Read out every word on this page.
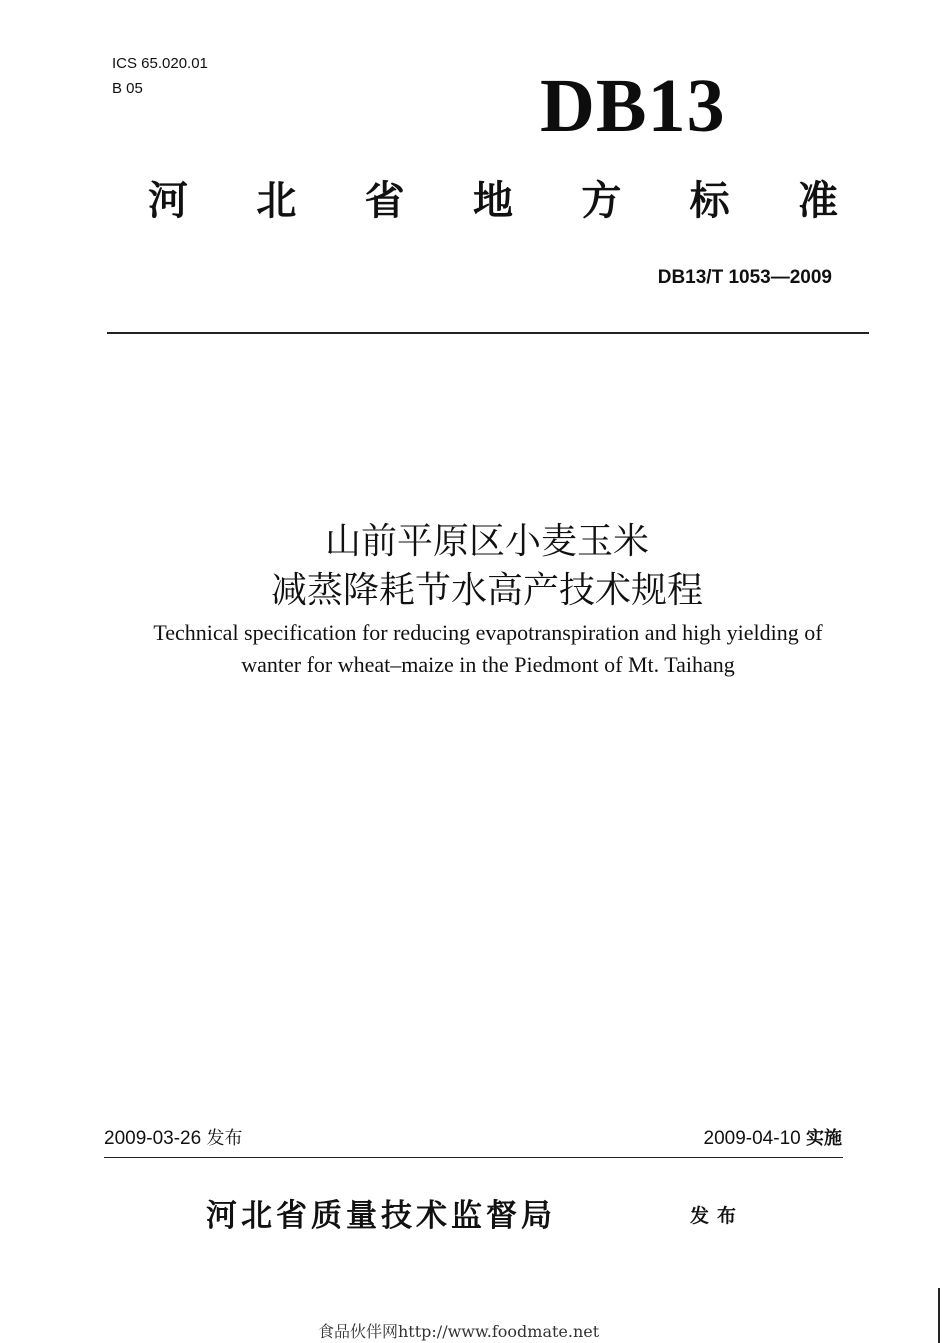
ICS 65.020.01
B 05	DB13
河 北 省 地 方 标 准
DB13/T 1053—2009
山前平原区小麦玉米
减蒸降耗节水高产技术规程
Technical specification for reducing evapotranspiration and high yielding of
wanter for wheat–maize in the Piedmont of Mt. Taihang
2009-03-26 发布	2009-04-10 实施
河北省质量技术监督局	发布
食品伙伴网http://www.foodmate.net
